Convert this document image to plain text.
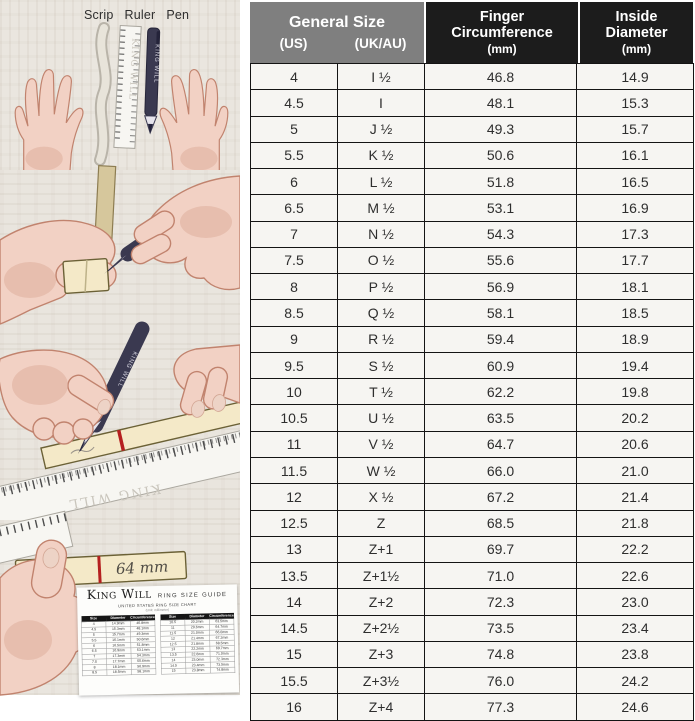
Scrip Ruler Pen
KING WILL KING WILL
KING WILL
KING WILL
64 mm
King Will RING SIZE GUIDE
UNITED STATES RING SIZE CHART
(Unit: millimeter)
Size	Diameter	Circumference
4	14.9mm	46.8mm
4.5	15.3mm	48.1mm
5	15.7mm	49.3mm
5.5	16.1mm	50.6mm
6	16.5mm	51.8mm
6.5	16.9mm	53.1mm
7	17.3mm	54.3mm
7.5	17.7mm	55.6mm
8	18.1mm	56.9mm
8.5	18.5mm	58.1mm
Size	Diameter	Circumference
10.5	20.2mm	63.5mm
11	20.6mm	64.7mm
11.5	21.0mm	66.0mm
12	21.4mm	67.2mm
12.5	21.8mm	68.5mm
13	22.2mm	69.7mm
13.5	22.6mm	71.0mm
14	23.0mm	72.3mm
14.5	23.4mm	73.5mm
15	23.8mm	74.8mm
General Size
(US)	(UK/AU)
Finger
Circumference
(mm)
Inside
Diameter
(mm)
4	I ½	46.8	14.9
4.5	I	48.1	15.3
5	J ½	49.3	15.7
5.5	K ½	50.6	16.1
6	L ½	51.8	16.5
6.5	M ½	53.1	16.9
7	N ½	54.3	17.3
7.5	O ½	55.6	17.7
8	P ½	56.9	18.1
8.5	Q ½	58.1	18.5
9	R ½	59.4	18.9
9.5	S ½	60.9	19.4
10	T ½	62.2	19.8
10.5	U ½	63.5	20.2
11	V ½	64.7	20.6
11.5	W ½	66.0	21.0
12	X ½	67.2	21.4
12.5	Z	68.5	21.8
13	Z+1	69.7	22.2
13.5	Z+1½	71.0	22.6
14	Z+2	72.3	23.0
14.5	Z+2½	73.5	23.4
15	Z+3	74.8	23.8
15.5	Z+3½	76.0	24.2
16	Z+4	77.3	24.6
